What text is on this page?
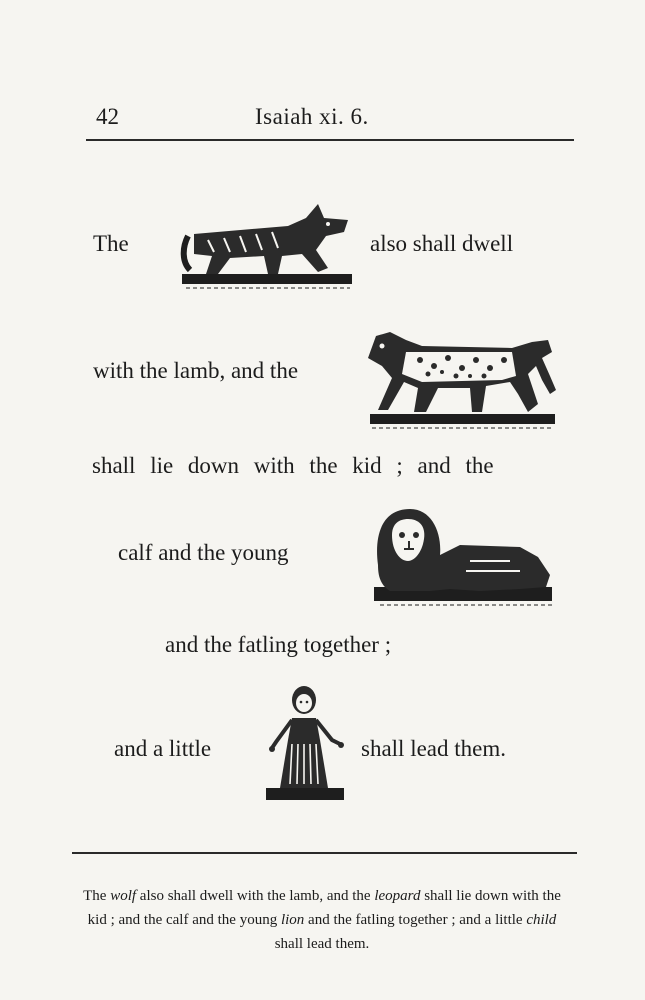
42	Isaiah xi. 6.
The	also shall dwell
with the lamb, and the
shall lie down with the kid ; and the
calf and the young
and the fatling together ;
and a little	shall lead them.
The wolf also shall dwell with the lamb, and the leopard shall lie down with the kid ; and the calf and the young lion and the fatling together ; and a little child shall lead them.
